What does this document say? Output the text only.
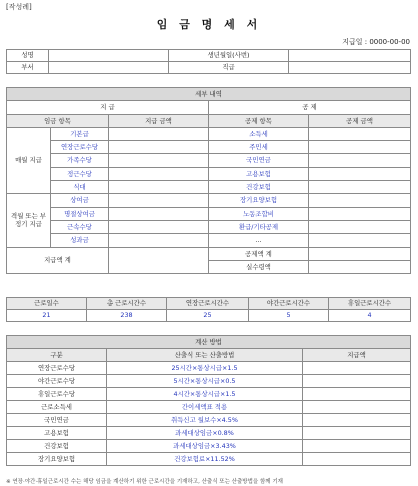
[작성례]
임 금 명 세 서
지급일 : 0000-00-00
성명		생년월일(사번)	
부서		직급	
세부 내역				
지 급			공 제	
임금 항목		지급 금액	공제 항목	공제 금액
매월 지급	기본급		소득세	
	연장근로수당		주민세	
	가족수당		국민연금	
	정근수당		고용보험	
	식대		건강보험	
격월 또는 부정기 지급	상여금		장기요양보험	
	명절상여금		노동조합비	
	근속수당		환급/기타공제	
	성과금		…	
지급액 계			공제액 계	
			실수령액	
근로일수	총 근로시간수	연장근로시간수	야간근로시간수	휴일근로시간수
21	238	25	5	4
계산 방법		
구분	산출식 또는 산출방법	지급액
연장근로수당	25시간×통상시급×1.5	
야간근로수당	5시간×통상시급×0.5	
휴일근로수당	4시간×통상시급×1.5	
근로소득세	간이세액표 적용	
국민연금	취득신고 월보수×4.5%	
고용보험	과세대상임금×0.8%	
건강보험	과세대상임금×3.43%	
장기요양보험	건강보험료×11.52%	
※ 연장·야간·휴일근로시간 수는 해당 임금을 계산하기 위한 근로시간을 기재하고, 산출식 또는 산출방법을 함께 기재
